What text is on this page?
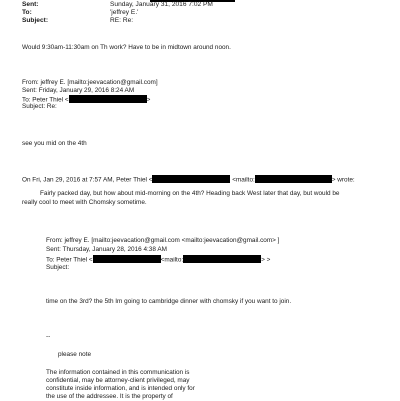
Sent:	Sunday, January 31, 2016 7:02 PM
To:	'jeffrey E.'
Subject:	RE: Re:
Would 9:30am-11:30am on Th work? Have to be in midtown around noon.
From: jeffrey E. [mailto:jeevacation@gmail.com]
Sent: Friday, January 29, 2016 8:24 AM
To: Peter Thiel <	>
Subject: Re:
see you mid on the 4th
On Fri, Jan 29, 2016 at 7:57 AM, Peter Thiel <	<mailto:	> wrote:
Fairly packed day, but how about mid-morning on the 4th? Heading back West later that day, but would be
really cool to meet with Chomsky sometime.
From: jeffrey E. [mailto:jeevacation@gmail.com <mailto:jeevacation@gmail.com> ]
Sent: Thursday, January 28, 2016 4:38 AM
To: Peter Thiel <	<mailto:	> >
Subject:
time on the 3rd? the 5th Im going to cambridge dinner with chomsky if you want to join.
--
please note
The information contained in this communication is
confidential, may be attorney-client privileged, may
constitute inside information, and is intended only for
the use of the addressee. It is the property of
